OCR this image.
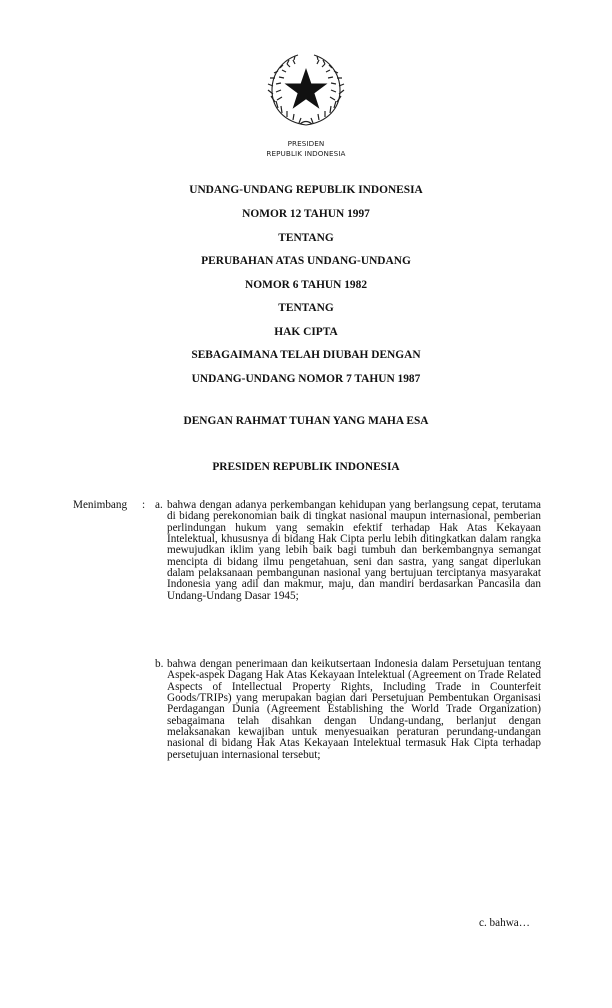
PRESIDEN
REPUBLIK INDONESIA
UNDANG-UNDANG REPUBLIK INDONESIA
NOMOR 12 TAHUN 1997
TENTANG
PERUBAHAN ATAS UNDANG-UNDANG
NOMOR 6 TAHUN 1982
TENTANG
HAK CIPTA
SEBAGAIMANA TELAH DIUBAH DENGAN
UNDANG-UNDANG NOMOR 7 TAHUN 1987
DENGAN RAHMAT TUHAN YANG MAHA ESA
PRESIDEN REPUBLIK INDONESIA
Menimbang : a. bahwa dengan adanya perkembangan kehidupan yang berlangsung cepat, terutama di bidang perekonomian baik di tingkat nasional maupun internasional, pemberian perlindungan hukum yang semakin efektif terhadap Hak Atas Kekayaan Intelektual, khususnya di bidang Hak Cipta perlu lebih ditingkatkan dalam rangka mewujudkan iklim yang lebih baik bagi tumbuh dan berkembangnya semangat mencipta di bidang ilmu pengetahuan, seni dan sastra, yang sangat diperlukan dalam pelaksanaan pembangunan nasional yang bertujuan terciptanya masyarakat Indonesia yang adil dan makmur, maju, dan mandiri berdasarkan Pancasila dan Undang-Undang Dasar 1945;
b. bahwa dengan penerimaan dan keikutsertaan Indonesia dalam Persetujuan tentang Aspek-aspek Dagang Hak Atas Kekayaan Intelektual (Agreement on Trade Related Aspects of Intellectual Property Rights, Including Trade in Counterfeit Goods/TRIPs) yang merupakan bagian dari Persetujuan Pembentukan Organisasi Perdagangan Dunia (Agreement Establishing the World Trade Organization) sebagaimana telah disahkan dengan Undang-undang, berlanjut dengan melaksanakan kewajiban untuk menyesuaikan peraturan perundang-undangan nasional di bidang Hak Atas Kekayaan Intelektual termasuk Hak Cipta terhadap persetujuan internasional tersebut;
c. bahwa…
